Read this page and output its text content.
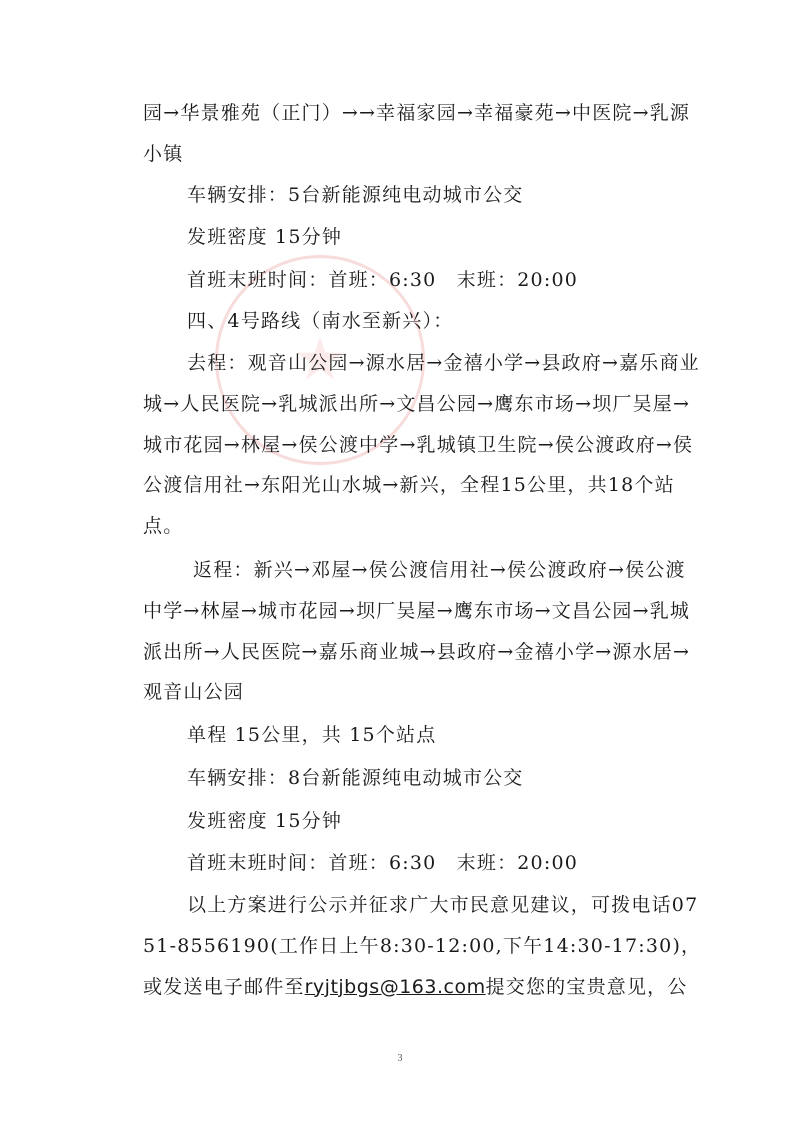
园→华景雅苑（正门）→→幸福家园→幸福豪苑→中医院→乳源小镇

车辆安排：5台新能源纯电动城市公交

发班密度 15分钟

首班末班时间：首班：6:30　末班：20:00

四、4号路线（南水至新兴）：

去程：观音山公园→源水居→金禧小学→县政府→嘉乐商业城→人民医院→乳城派出所→文昌公园→鹰东市场→坝厂吴屋→城市花园→林屋→侯公渡中学→乳城镇卫生院→侯公渡政府→侯公渡信用社→东阳光山水城→新兴，全程15公里，共18个站点。

返程：新兴→邓屋→侯公渡信用社→侯公渡政府→侯公渡中学→林屋→城市花园→坝厂吴屋→鹰东市场→文昌公园→乳城派出所→人民医院→嘉乐商业城→县政府→金禧小学→源水居→观音山公园

单程 15公里，共 15个站点

车辆安排：8台新能源纯电动城市公交

发班密度 15分钟

首班末班时间：首班：6:30　末班：20:00

以上方案进行公示并征求广大市民意见建议，可拨电话0751-8556190(工作日上午8:30-12:00,下午14:30-17:30)，或发送电子邮件至ryjtjbgs@163.com提交您的宝贵意见，公

3
